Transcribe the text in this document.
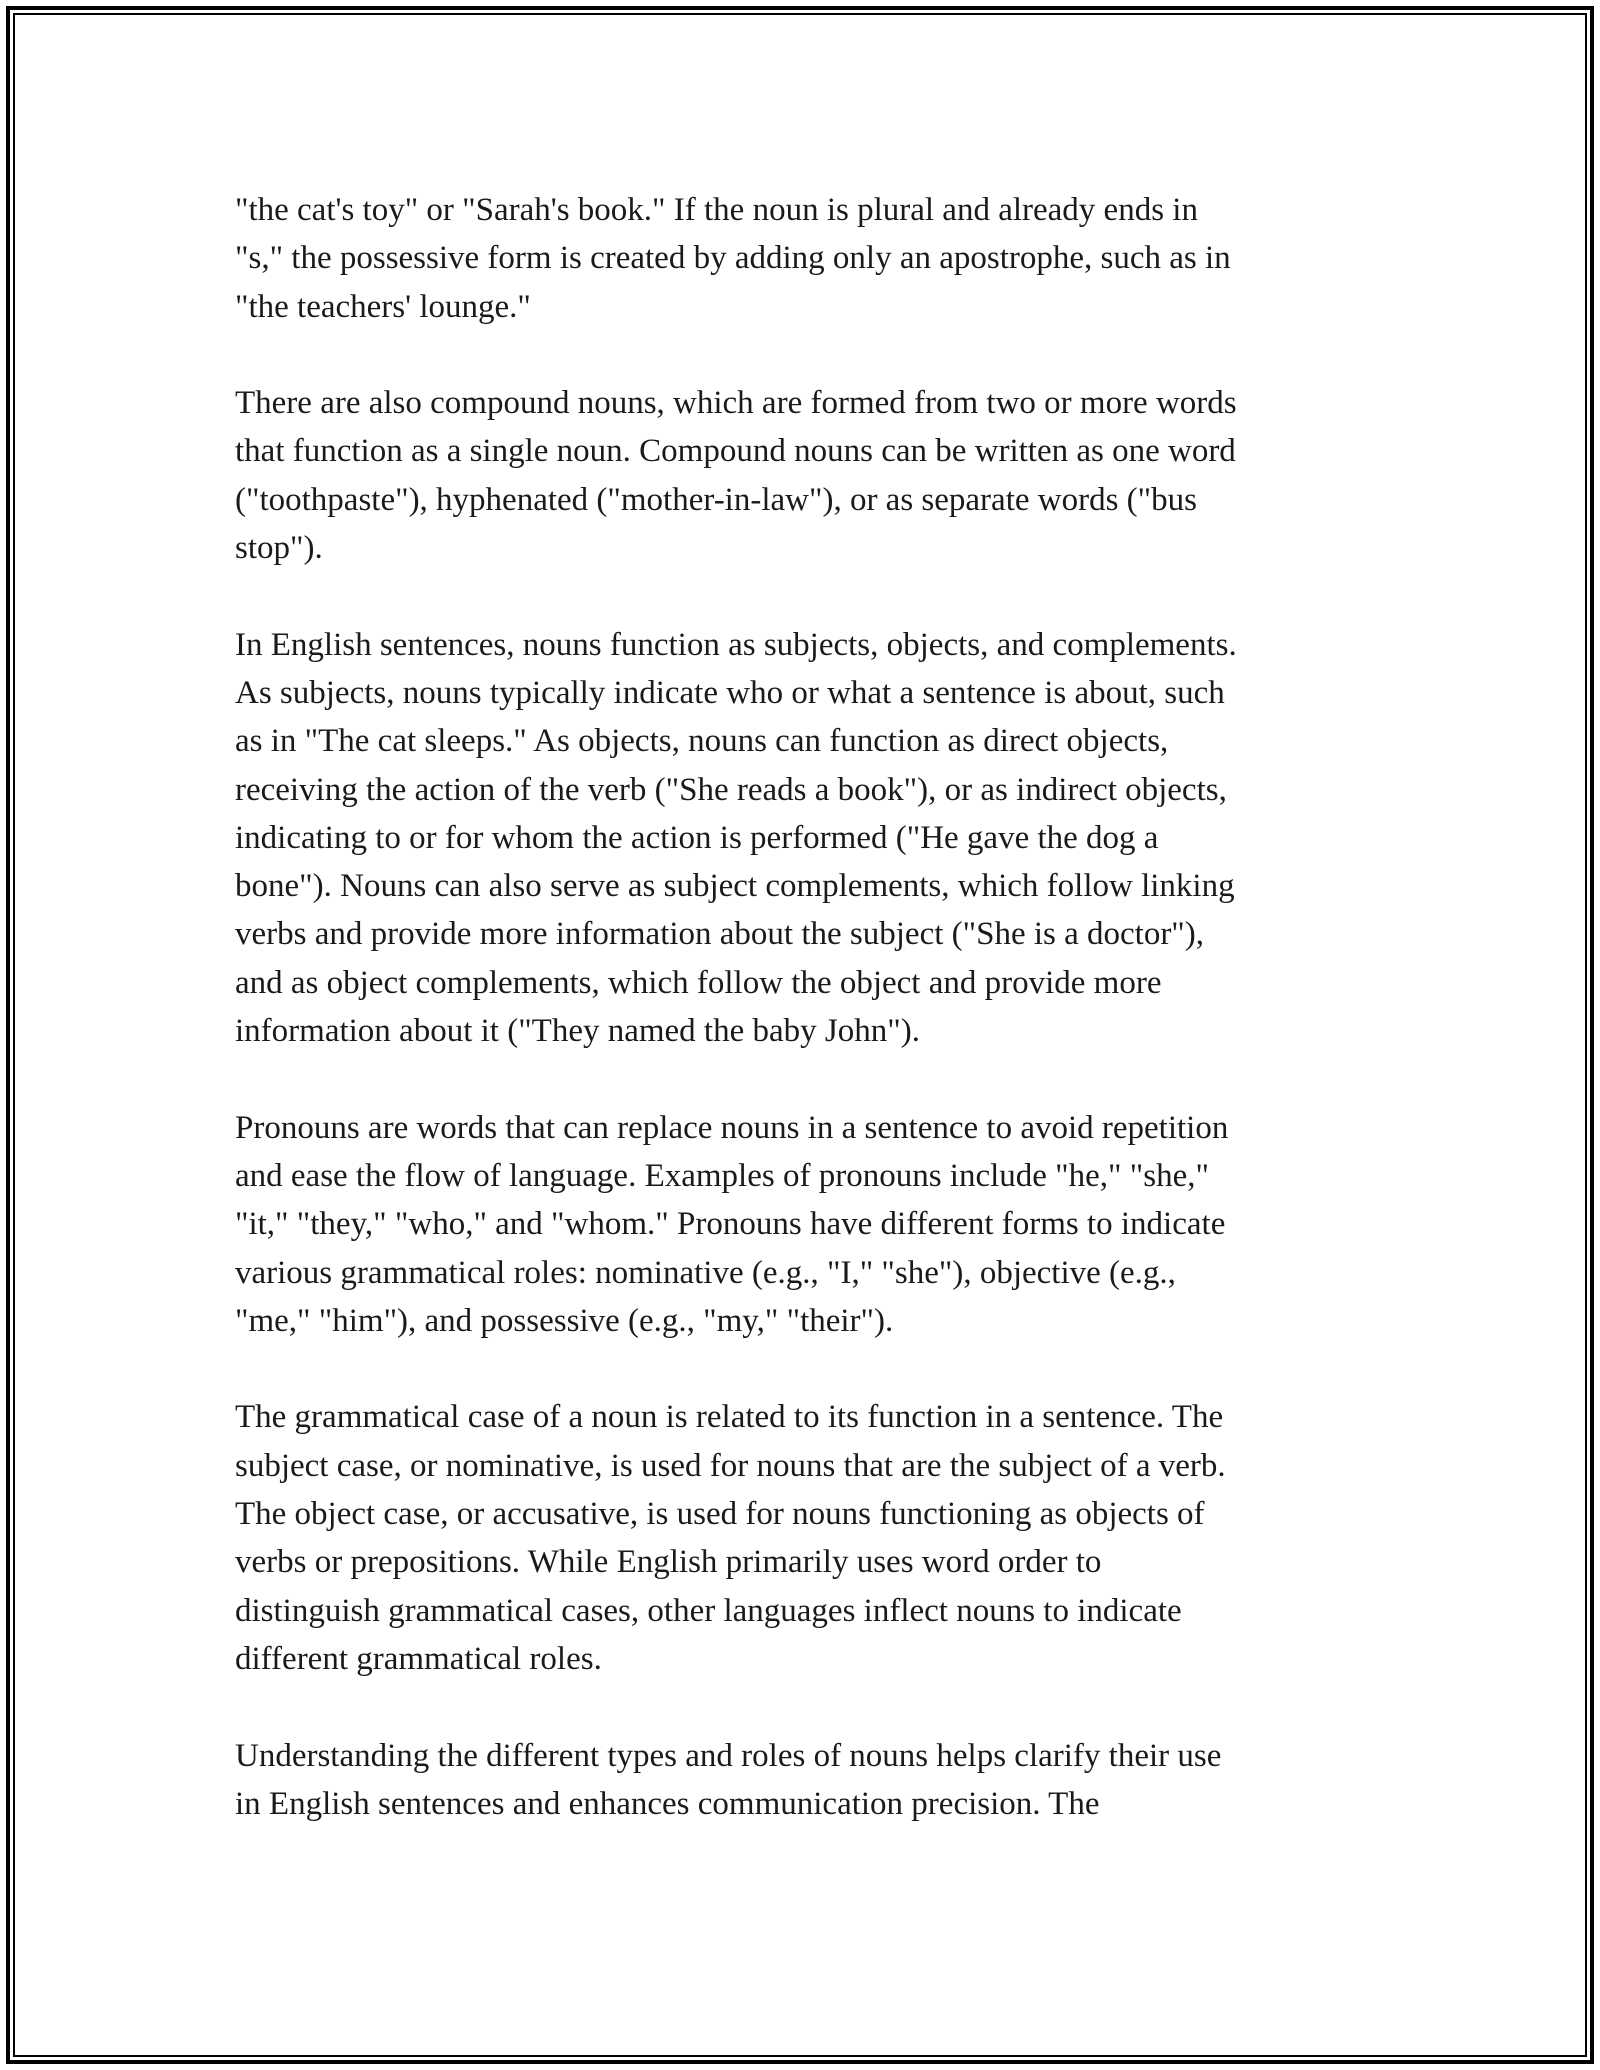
"the cat's toy" or "Sarah's book." If the noun is plural and already ends in
"s," the possessive form is created by adding only an apostrophe, such as in
"the teachers' lounge."

There are also compound nouns, which are formed from two or more words
that function as a single noun. Compound nouns can be written as one word
("toothpaste"), hyphenated ("mother-in-law"), or as separate words ("bus
stop").

In English sentences, nouns function as subjects, objects, and complements.
As subjects, nouns typically indicate who or what a sentence is about, such
as in "The cat sleeps." As objects, nouns can function as direct objects,
receiving the action of the verb ("She reads a book"), or as indirect objects,
indicating to or for whom the action is performed ("He gave the dog a
bone"). Nouns can also serve as subject complements, which follow linking
verbs and provide more information about the subject ("She is a doctor"),
and as object complements, which follow the object and provide more
information about it ("They named the baby John").

Pronouns are words that can replace nouns in a sentence to avoid repetition
and ease the flow of language. Examples of pronouns include "he," "she,"
"it," "they," "who," and "whom." Pronouns have different forms to indicate
various grammatical roles: nominative (e.g., "I," "she"), objective (e.g.,
"me," "him"), and possessive (e.g., "my," "their").

The grammatical case of a noun is related to its function in a sentence. The
subject case, or nominative, is used for nouns that are the subject of a verb.
The object case, or accusative, is used for nouns functioning as objects of
verbs or prepositions. While English primarily uses word order to
distinguish grammatical cases, other languages inflect nouns to indicate
different grammatical roles.

Understanding the different types and roles of nouns helps clarify their use
in English sentences and enhances communication precision. The
